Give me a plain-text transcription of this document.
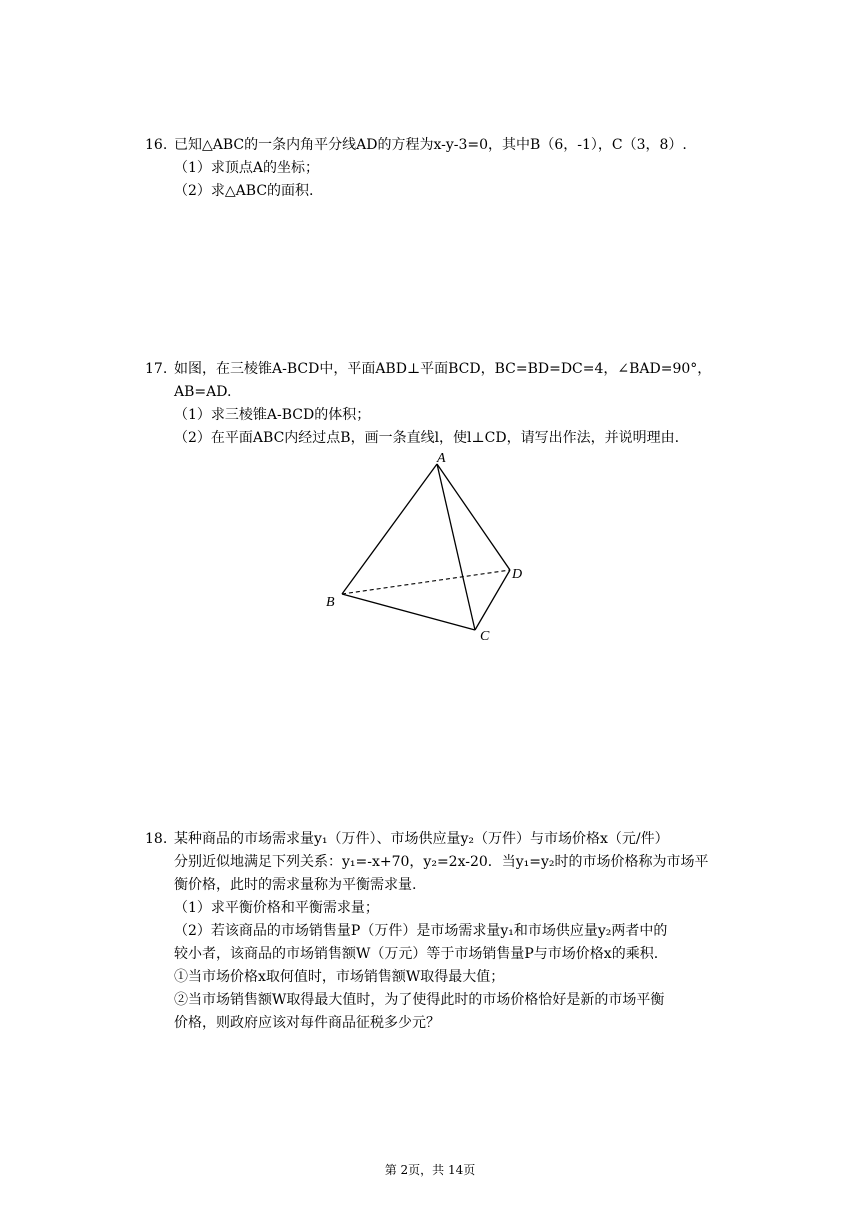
16. 已知△ABC的一条内角平分线AD的方程为x-y-3=0，其中B（6，-1），C（3，8）.
（1）求顶点A的坐标；
（2）求△ABC的面积.
17. 如图，在三棱锥A-BCD中，平面ABD⊥平面BCD，BC=BD=DC=4，∠BAD=90°，
AB=AD.
（1）求三棱锥A-BCD的体积；
（2）在平面ABC内经过点B，画一条直线l，使l⊥CD，请写出作法，并说明理由.
A
B
C
D
18. 某种商品的市场需求量y₁（万件）、市场供应量y₂（万件）与市场价格x（元/件）
分别近似地满足下列关系：y₁=-x+70，y₂=2x-20．当y₁=y₂时的市场价格称为市场平
衡价格，此时的需求量称为平衡需求量.
（1）求平衡价格和平衡需求量；
（2）若该商品的市场销售量P（万件）是市场需求量y₁和市场供应量y₂两者中的
较小者，该商品的市场销售额W（万元）等于市场销售量P与市场价格x的乘积.
①当市场价格x取何值时，市场销售额W取得最大值；
②当市场销售额W取得最大值时，为了使得此时的市场价格恰好是新的市场平衡
价格，则政府应该对每件商品征税多少元？
第 2页，共 14页
